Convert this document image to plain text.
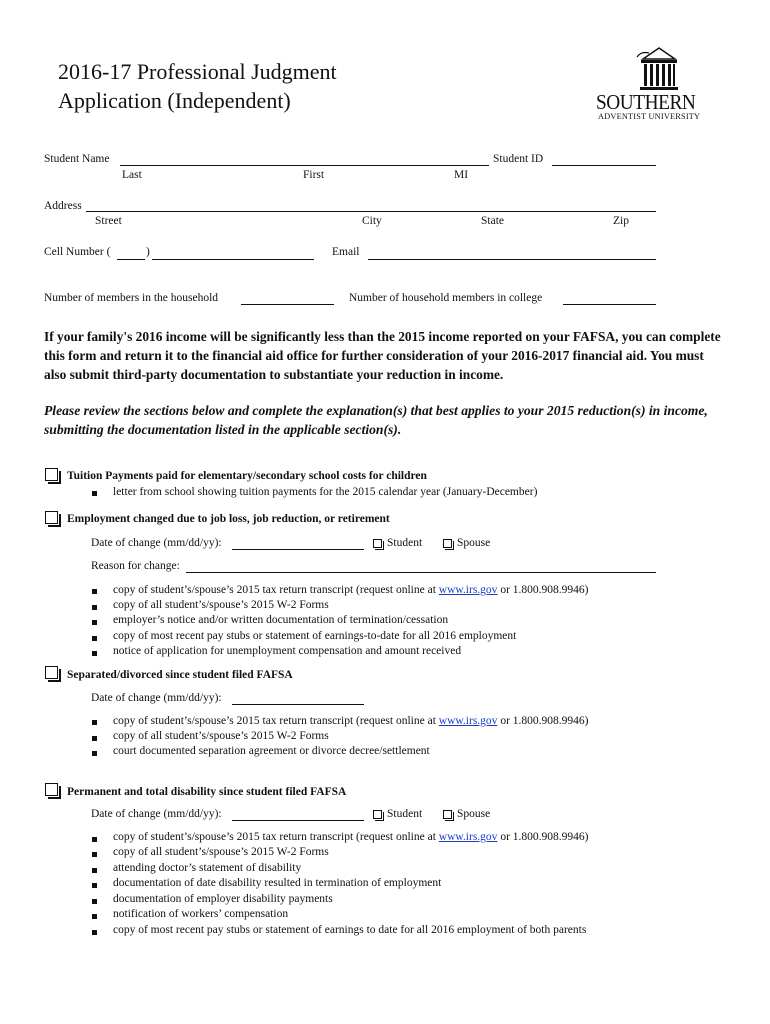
2016-17 Professional Judgment
Application (Independent)	SOUTHERN
ADVENTIST UNIVERSITY
Student Name	Student ID
Last	First	MI
Address
Street	City	State	Zip
Cell Number (	)	Email
Number of members in the household	Number of household members in college
If your family's 2016 income will be significantly less than the 2015 income reported on your FAFSA, you can complete this form and return it to the financial aid office for further consideration of your 2016-2017 financial aid. You must also submit third-party documentation to substantiate your reduction in income.
Please review the sections below and complete the explanation(s) that best applies to your 2015 reduction(s) in income, submitting the documentation listed in the applicable section(s).
Tuition Payments paid for elementary/secondary school costs for children
letter from school showing tuition payments for the 2015 calendar year (January-December)
Employment changed due to job loss, job reduction, or retirement
Date of change (mm/dd/yy):	Student	Spouse
Reason for change:
copy of student’s/spouse’s 2015 tax return transcript (request online at www.irs.gov or 1.800.908.9946)
copy of all student’s/spouse’s 2015 W-2 Forms
employer’s notice and/or written documentation of termination/cessation
copy of most recent pay stubs or statement of earnings-to-date for all 2016 employment
notice of application for unemployment compensation and amount received
Separated/divorced since student filed FAFSA
Date of change (mm/dd/yy):
copy of student’s/spouse’s 2015 tax return transcript (request online at www.irs.gov or 1.800.908.9946)
copy of all student’s/spouse’s 2015 W-2 Forms
court documented separation agreement or divorce decree/settlement
Permanent and total disability since student filed FAFSA
Date of change (mm/dd/yy):	Student	Spouse
copy of student’s/spouse’s 2015 tax return transcript (request online at www.irs.gov or 1.800.908.9946)
copy of all student’s/spouse’s 2015 W-2 Forms
attending doctor’s statement of disability
documentation of date disability resulted in termination of employment
documentation of employer disability payments
notification of workers’ compensation
copy of most recent pay stubs or statement of earnings to date for all 2016 employment of both parents
